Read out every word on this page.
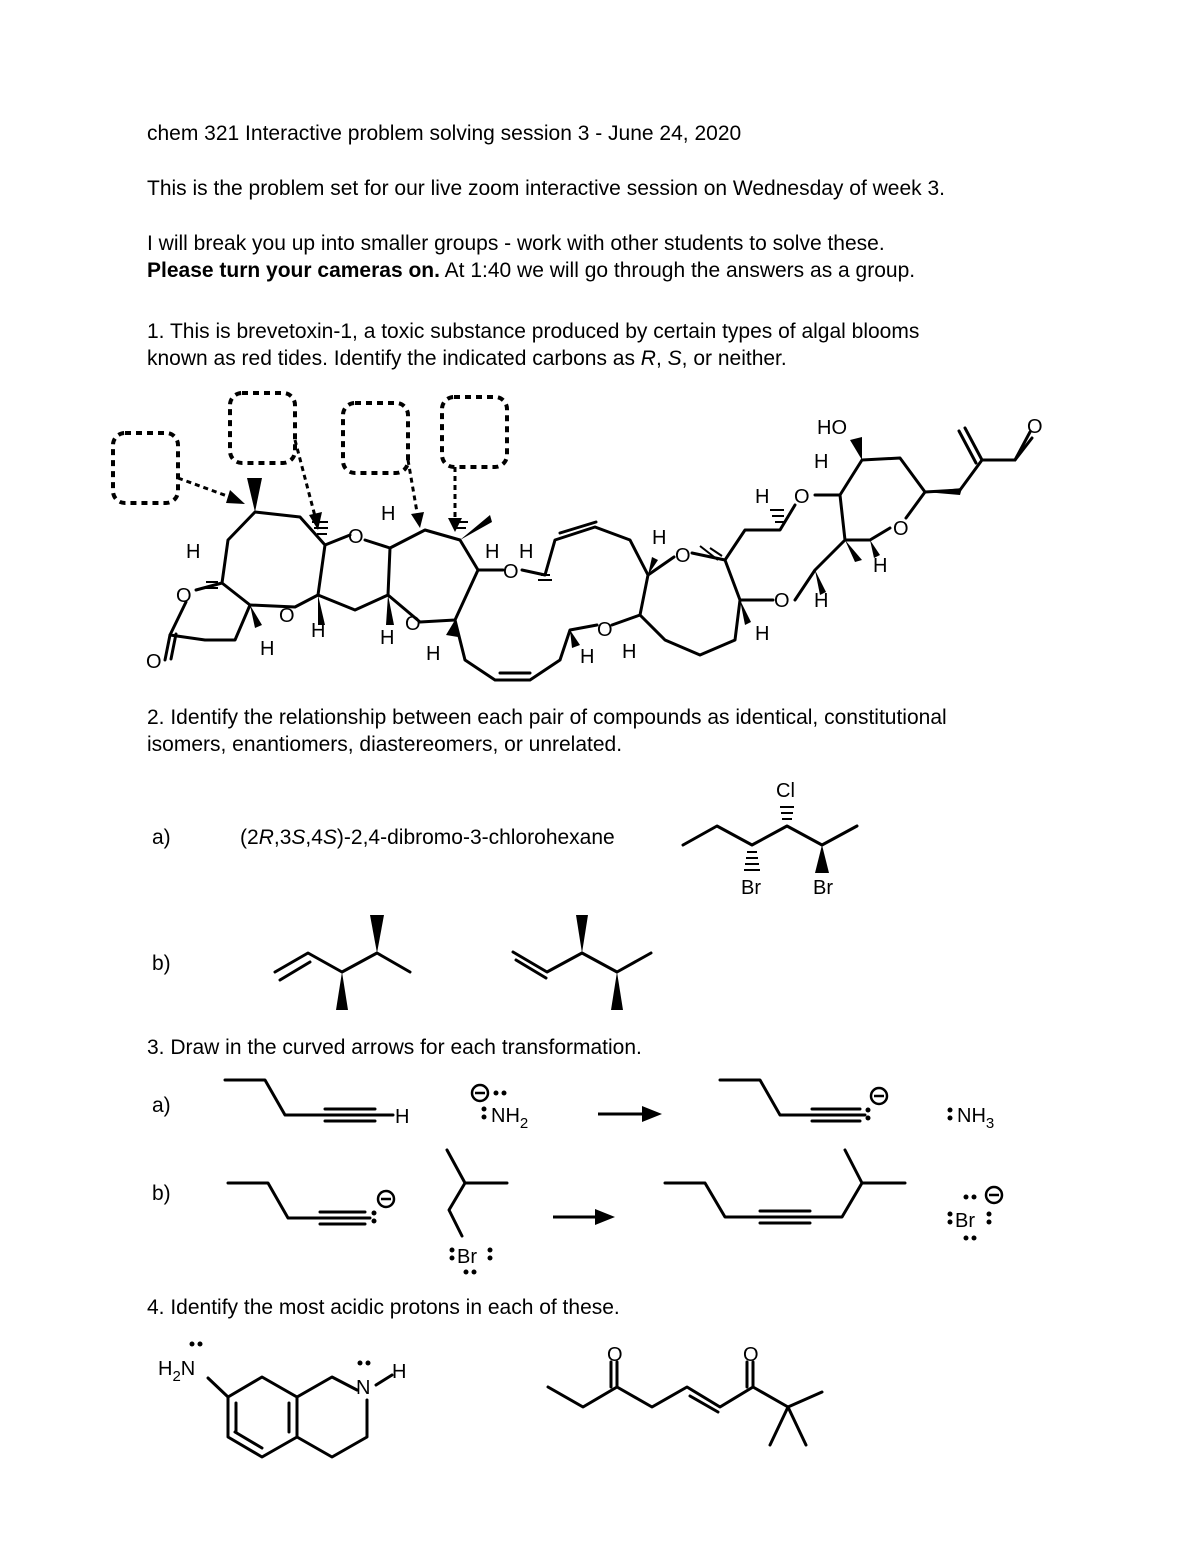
chem 321 Interactive problem solving session 3 - June 24, 2020
This is the problem set for our live zoom interactive session on Wednesday of week 3.
I will break you up into smaller groups - work with other students to solve these.
Please turn your cameras on. At 1:40 we will go through the answers as a group.
1. This is brevetoxin-1, a toxic substance produced by certain types of algal blooms
known as red tides. Identify the indicated carbons as R, S, or neither.
O
O
O
O
O
O
O
O
O
O
O
O
HO
H
H
H	H
H
H
H H
H H
H
H
H
H
H
H
2. Identify the relationship between each pair of compounds as identical, constitutional
isomers, enantiomers, diastereomers, or unrelated.
a)	(2R,3S,4S)-2,4-dibromo-3-chlorohexane
b)
Cl
Br	Br
3. Draw in the curved arrows for each transformation.
a)
b)
H	$NH_2$	$NH_3$
Br
Br
4. Identify the most acidic protons in each of these.
N
H
$H_2N$
O	O
